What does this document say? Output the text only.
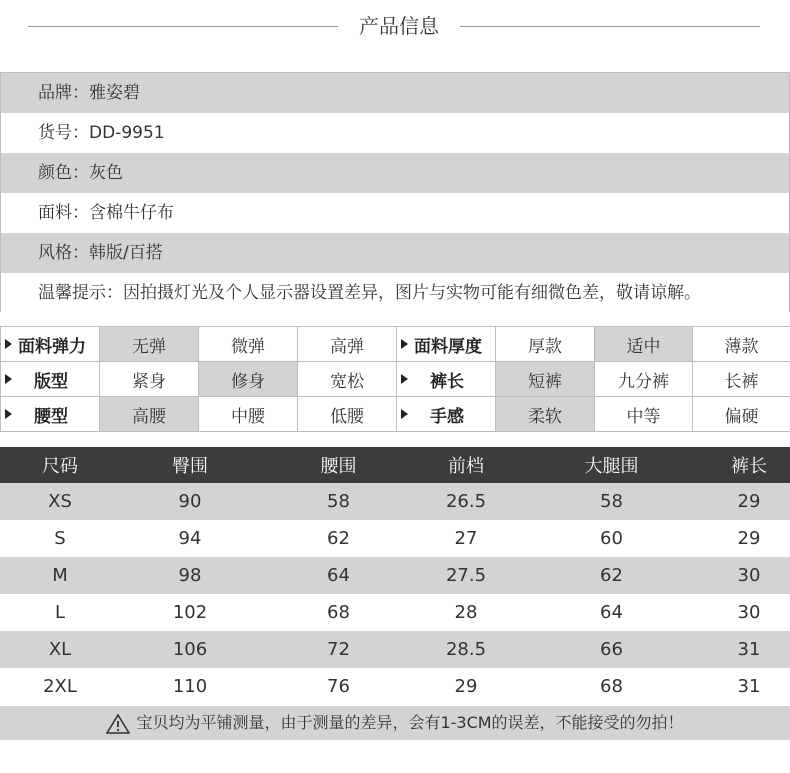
产品信息
品牌：雅姿碧
货号：DD-9951
颜色：灰色
面料：含棉牛仔布
风格：韩版/百搭
温馨提示：因拍摄灯光及个人显示器设置差异，图片与实物可能有细微色差，敬请谅解。
面料弹力	无弹	微弹	高弹	面料厚度	厚款	适中	薄款
版型	紧身	修身	宽松	裤长	短裤	九分裤	长裤
腰型	高腰	中腰	低腰	手感	柔软	中等	偏硬
尺码	臀围	腰围	前档	大腿围	裤长
XS	90	58	26.5	58	29
S	94	62	27	60	29
M	98	64	27.5	62	30
L	102	68	28	64	30
XL	106	72	28.5	66	31
2XL	110	76	29	68	31
宝贝均为平铺测量，由于测量的差异，会有1-3CM的误差，不能接受的勿拍！
